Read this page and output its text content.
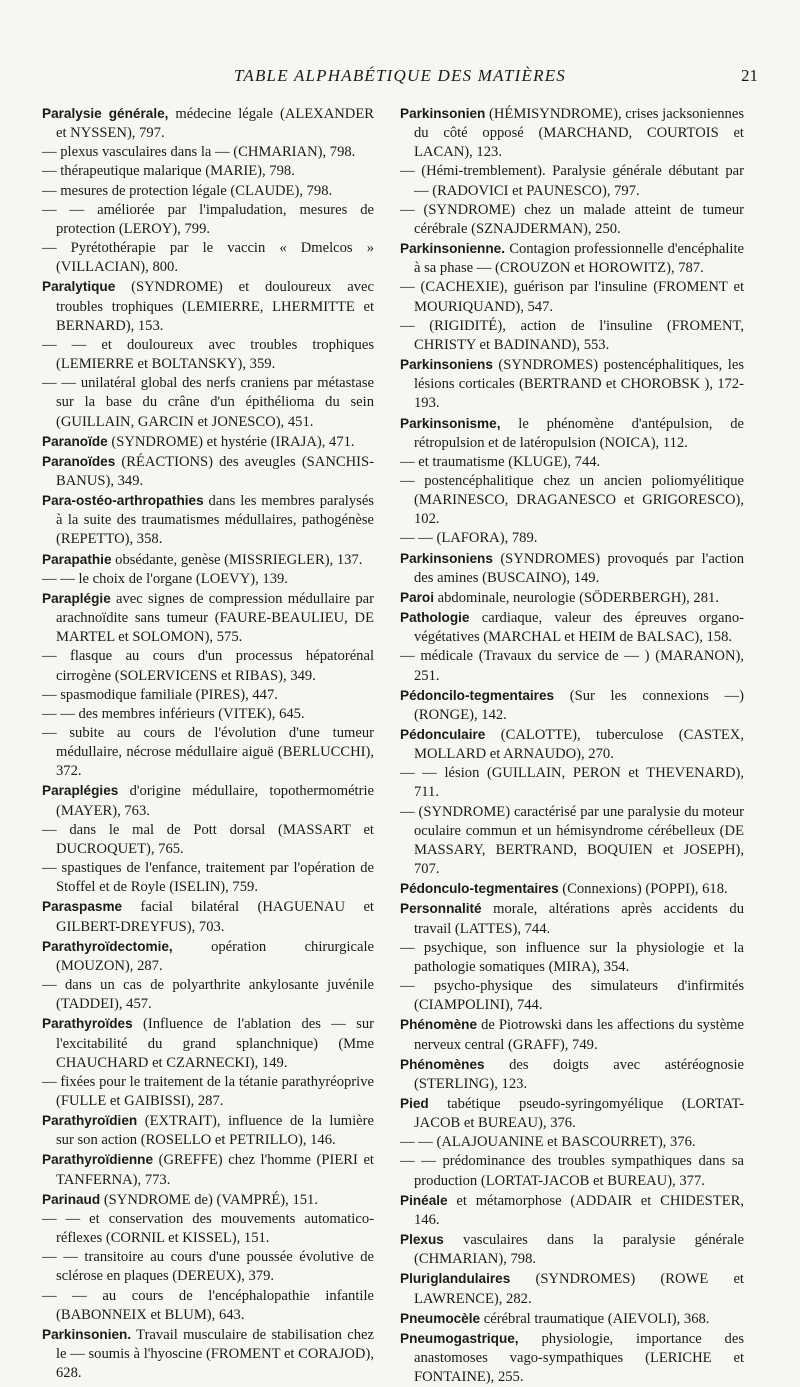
TABLE ALPHABÉTIQUE DES MATIÈRES	21

Paralysie générale, médecine légale (ALEXANDER et NYSSEN), 797.

— plexus vasculaires dans la — (CHMARIAN), 798.

— thérapeutique malarique (MARIE), 798.

— mesures de protection légale (CLAUDE), 798.

— — améliorée par l'impaludation, mesures de protection (LEROY), 799.

— Pyrétothérapie par le vaccin « Dmelcos » (VILLACIAN), 800.

Paralytique (SYNDROME) et douloureux avec troubles trophiques (LEMIERRE, LHERMITTE et BERNARD), 153.

— — et douloureux avec troubles trophiques (LEMIERRE et BOLTANSKY), 359.

— — unilatéral global des nerfs craniens par métastase sur la base du crâne d'un épithélioma du sein (GUILLAIN, GARCIN et JONESCO), 451.

Paranoïde (SYNDROME) et hystérie (IRAJA), 471.

Paranoïdes (RÉACTIONS) des aveugles (SANCHIS-BANUS), 349.

Para-ostéo-arthropathies dans les membres paralysés à la suite des traumatismes médullaires, pathogénèse (REPETTO), 358.

Parapathie obsédante, genèse (MISSRIEGLER), 137.

— — le choix de l'organe (LOEVY), 139.

Paraplégie avec signes de compression médullaire par arachnoïdite sans tumeur (FAURE-BEAULIEU, DE MARTEL et SOLOMON), 575.

— flasque au cours d'un processus hépatorénal cirrogène (SOLERVICENS et RIBAS), 349.

— spasmodique familiale (PIRES), 447.

— — des membres inférieurs (VITEK), 645.

— subite au cours de l'évolution d'une tumeur médullaire, nécrose médullaire aiguë (BERLUCCHI), 372.

Paraplégies d'origine médullaire, topothermométrie (MAYER), 763.

— dans le mal de Pott dorsal (MASSART et DUCROQUET), 765.

— spastiques de l'enfance, traitement par l'opération de Stoffel et de Royle (ISELIN), 759.

Paraspasme facial bilatéral (HAGUENAU et GILBERT-DREYFUS), 703.

Parathyroïdectomie, opération chirurgicale (MOUZON), 287.

— dans un cas de polyarthrite ankylosante juvénile (TADDEI), 457.

Parathyroïdes (Influence de l'ablation des — sur l'excitabilité du grand splanchnique) (Mme CHAUCHARD et CZARNECKI), 149.

— fixées pour le traitement de la tétanie parathyréoprive (FULLE et GAIBISSI), 287.

Parathyroïdien (EXTRAIT), influence de la lumière sur son action (ROSELLO et PETRILLO), 146.

Parathyroïdienne (GREFFE) chez l'homme (PIERI et TANFERNA), 773.

Parinaud (SYNDROME de) (VAMPRÉ), 151.

— — et conservation des mouvements automatico-réflexes (CORNIL et KISSEL), 151.

— — transitoire au cours d'une poussée évolutive de sclérose en plaques (DEREUX), 379.

— — au cours de l'encéphalopathie infantile (BABONNEIX et BLUM), 643.

Parkinsonien. Travail musculaire de stabilisation chez le — soumis à l'hyoscine (FROMENT et CORAJOD), 628.

Parkinsonien (HÉMISYNDROME), crises jacksoniennes du côté opposé (MARCHAND, COURTOIS et LACAN), 123.

— (Hémi-tremblement). Paralysie générale débutant par — (RADOVICI et PAUNESCO), 797.

— (SYNDROME) chez un malade atteint de tumeur cérébrale (SZNAJDERMAN), 250.

Parkinsonienne. Contagion professionnelle d'encéphalite à sa phase — (CROUZON et HOROWITZ), 787.

— (CACHEXIE), guérison par l'insuline (FROMENT et MOURIQUAND), 547.

— (RIGIDITÉ), action de l'insuline (FROMENT, CHRISTY et BADINAND), 553.

Parkinsoniens (SYNDROMES) postencéphalitiques, les lésions corticales (BERTRAND et CHOROBSK ), 172-193.

Parkinsonisme, le phénomène d'antépulsion, de rétropulsion et de latéropulsion (NOICA), 112.

— et traumatisme (KLUGE), 744.

— postencéphalitique chez un ancien poliomyélitique (MARINESCO, DRAGANESCO et GRIGORESCO), 102.

— — (LAFORA), 789.

Parkinsoniens (SYNDROMES) provoqués par l'action des amines (BUSCAINO), 149.

Paroi abdominale, neurologie (SÖDERBERGH), 281.

Pathologie cardiaque, valeur des épreuves organo-végétatives (MARCHAL et HEIM de BALSAC), 158.

— médicale (Travaux du service de — ) (MARANON), 251.

Pédoncilo-tegmentaires (Sur les connexions —) (RONGE), 142.

Pédonculaire (CALOTTE), tuberculose (CASTEX, MOLLARD et ARNAUDO), 270.

— — lésion (GUILLAIN, PERON et THEVENARD), 711.

— (SYNDROME) caractérisé par une paralysie du moteur oculaire commun et un hémisyndrome cérébelleux (DE MASSARY, BERTRAND, BOQUIEN et JOSEPH), 707.

Pédonculo-tegmentaires (Connexions) (POPPI), 618.

Personnalité morale, altérations après accidents du travail (LATTES), 744.

— psychique, son influence sur la physiologie et la pathologie somatiques (MIRA), 354.

— psycho-physique des simulateurs d'infirmités (CIAMPOLINI), 744.

Phénomène de Piotrowski dans les affections du système nerveux central (GRAFF), 749.

Phénomènes des doigts avec astéréognosie (STERLING), 123.

Pied tabétique pseudo-syringomyélique (LORTAT-JACOB et BUREAU), 376.

— — (ALAJOUANINE et BASCOURRET), 376.

— — prédominance des troubles sympathiques dans sa production (LORTAT-JACOB et BUREAU), 377.

Pinéale et métamorphose (ADDAIR et CHIDESTER, 146.

Plexus vasculaires dans la paralysie générale (CHMARIAN), 798.

Pluriglandulaires (SYNDROMES) (ROWE et LAWRENCE), 282.

Pneumocèle cérébral traumatique (AIEVOLI), 368.

Pneumogastrique, physiologie, importance des anastomoses vago-sympathiques (LERICHE et FONTAINE), 255.
